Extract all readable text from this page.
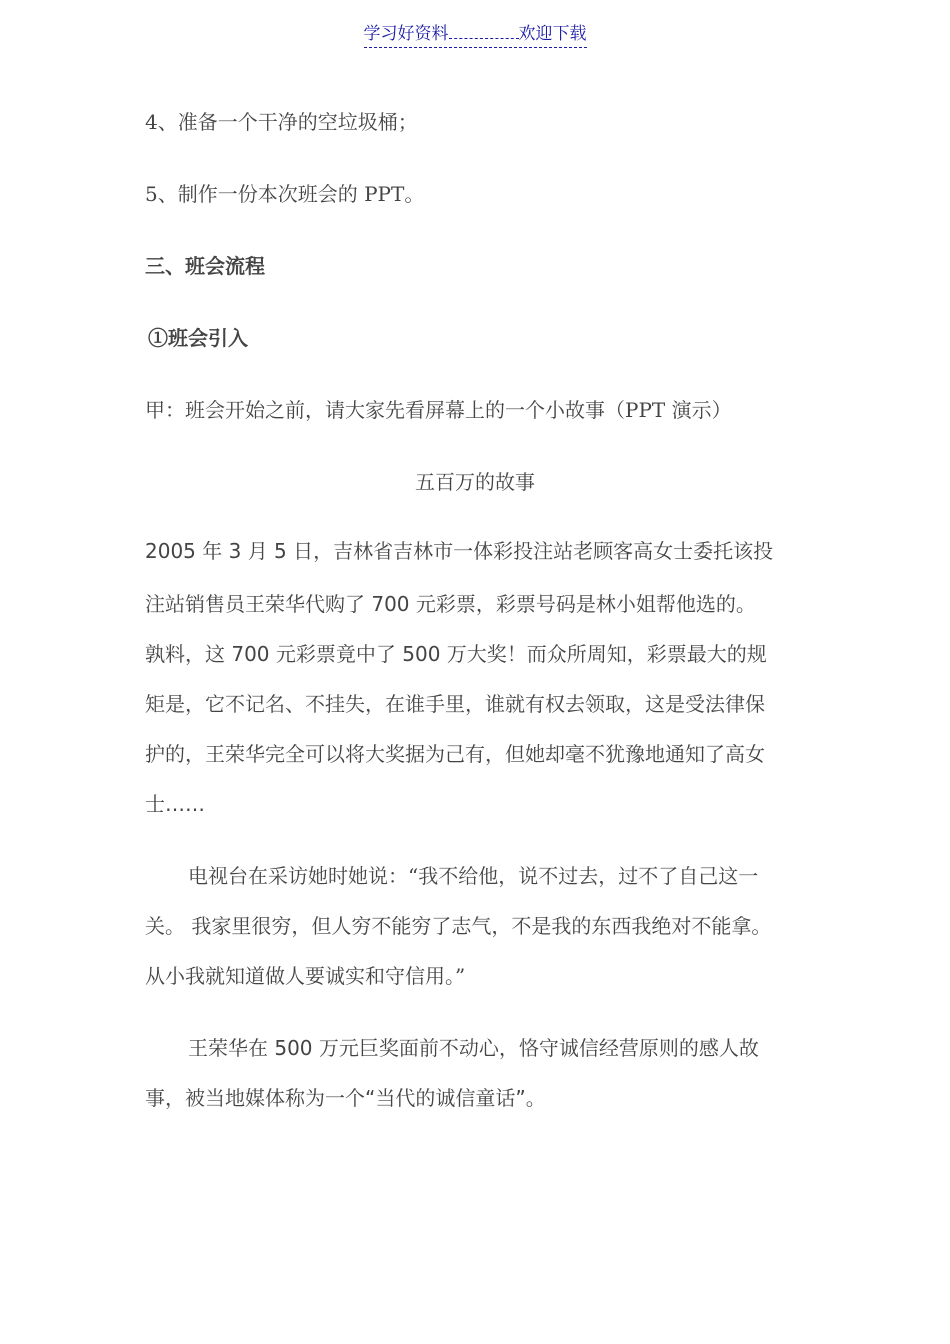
学习好资料	欢迎下载
4、准备一个干净的空垃圾桶；
5、制作一份本次班会的 PPT。
三、班会流程
①班会引入
甲：班会开始之前，请大家先看屏幕上的一个小故事（PPT 演示）
五百万的故事
2005 年 3 月 5 日，吉林省吉林市一体彩投注站老顾客高女士委托该投
注站销售员王荣华代购了 700 元彩票，彩票号码是林小姐帮他选的。
孰料，这 700 元彩票竟中了 500 万大奖！而众所周知，彩票最大的规
矩是，它不记名、不挂失，在谁手里，谁就有权去领取，这是受法律保
护的，王荣华完全可以将大奖据为己有，但她却毫不犹豫地通知了高女
士……
电视台在采访她时她说：“我不给他，说不过去，过不了自己这一
关。 我家里很穷，但人穷不能穷了志气，不是我的东西我绝对不能拿。
从小我就知道做人要诚实和守信用。”
王荣华在 500 万元巨奖面前不动心，恪守诚信经营原则的感人故
事，被当地媒体称为一个“当代的诚信童话”。
